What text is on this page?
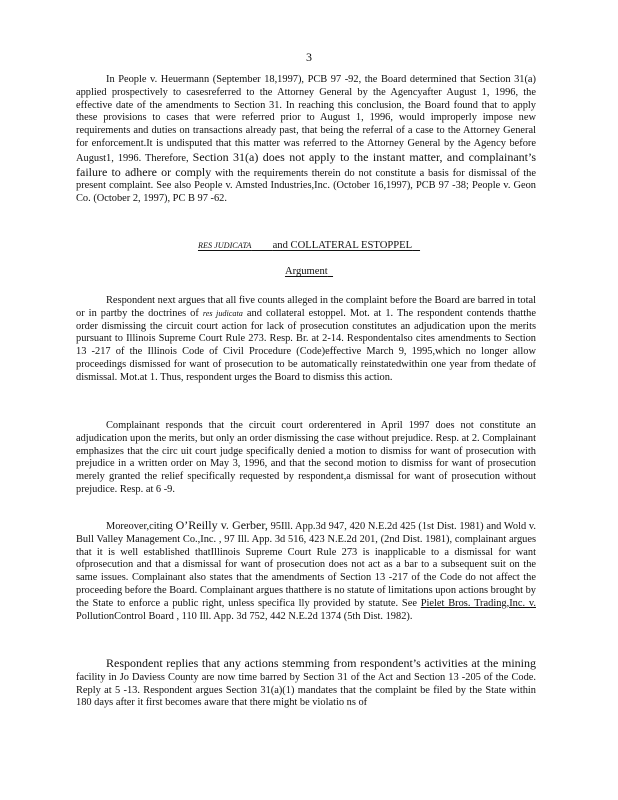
3

In People v. Heuermann (September 18,1997), PCB 97 -92, the Board determined that Section 31(a) applied prospectively to casesreferred to the Attorney General by the Agencyafter August 1, 1996, the effective date of the amendments to Section 31. In reaching this conclusion, the Board found that to apply these provisions to cases that were referred prior to August 1, 1996, would improperly impose new requirements and duties on transactions already past, that being the referral of a case to the Attorney General for enforcement.It is undisputed that this matter was referred to the Attorney General by the Agency before August1, 1996. Therefore, Section 31(a) does not apply to the instant matter, and complainant’s failure to adhere or comply with the requirements therein do not constitute a basis for dismissal of the present complaint. See also People v. Amsted Industries,Inc. (October 16,1997), PCB 97 -38; People v. Geon Co. (October 2, 1997), PC B 97 -62.

RES JUDICATA and COLLATERAL ESTOPPEL
Argument

Respondent next argues that all five counts alleged in the complaint before the Board are barred in total or in partby the doctrines of res judicata and collateral estoppel. Mot. at 1. The respondent contends thatthe order dismissing the circuit court action for lack of prosecution constitutes an adjudication upon the merits pursuant to Illinois Supreme Court Rule 273. Resp. Br. at 2-14. Respondentalso cites amendments to Section 13 -217 of the Illinois Code of Civil Procedure (Code)effective March 9, 1995,which no longer allow proceedings dismissed for want of prosecution to be automatically reinstatedwithin one year from thedate of dismissal. Mot.at 1. Thus, respondent urges the Board to dismiss this action.

Complainant responds that the circuit court orderentered in April 1997 does not constitute an adjudication upon the merits, but only an order dismissing the case without prejudice. Resp. at 2. Complainant emphasizes that the circ uit court judge specifically denied a motion to dismiss for want of prosecution with prejudice in a written order on May 3, 1996, and that the second motion to dismiss for want of prosecution merely granted the relief specifically requested by respondent,a dismissal for want of prosecution without prejudice. Resp. at 6 -9.

Moreover,citing O’Reilly v. Gerber, 95Ill. App.3d 947, 420 N.E.2d 425 (1st Dist. 1981) and Wold v. Bull Valley Management Co.,Inc. , 97 Ill. App. 3d 516, 423 N.E.2d 201, (2nd Dist. 1981), complainant argues that it is well established thatIllinois Supreme Court Rule 273 is inapplicable to a dismissal for want ofprosecution and that a dismissal for want of prosecution does not act as a bar to a subsequent suit on the same issues. Complainant also states that the amendments of Section 13 -217 of the Code do not affect the proceeding before the Board. Complainant argues thatthere is no statute of limitations upon actions brought by the State to enforce a public right, unless specifica lly provided by statute. See Pielet Bros. Trading,Inc. v. PollutionControl Board , 110 Ill. App. 3d 752, 442 N.E.2d 1374 (5th Dist. 1982).

Respondent replies that any actions stemming from respondent’s activities at the mining facility in Jo Daviess County are now time barred by Section 31 of the Act and Section 13 -205 of the Code. Reply at 5 -13. Respondent argues Section 31(a)(1) mandates that the complaint be filed by the State within 180 days after it first becomes aware that there might be violatio ns of
